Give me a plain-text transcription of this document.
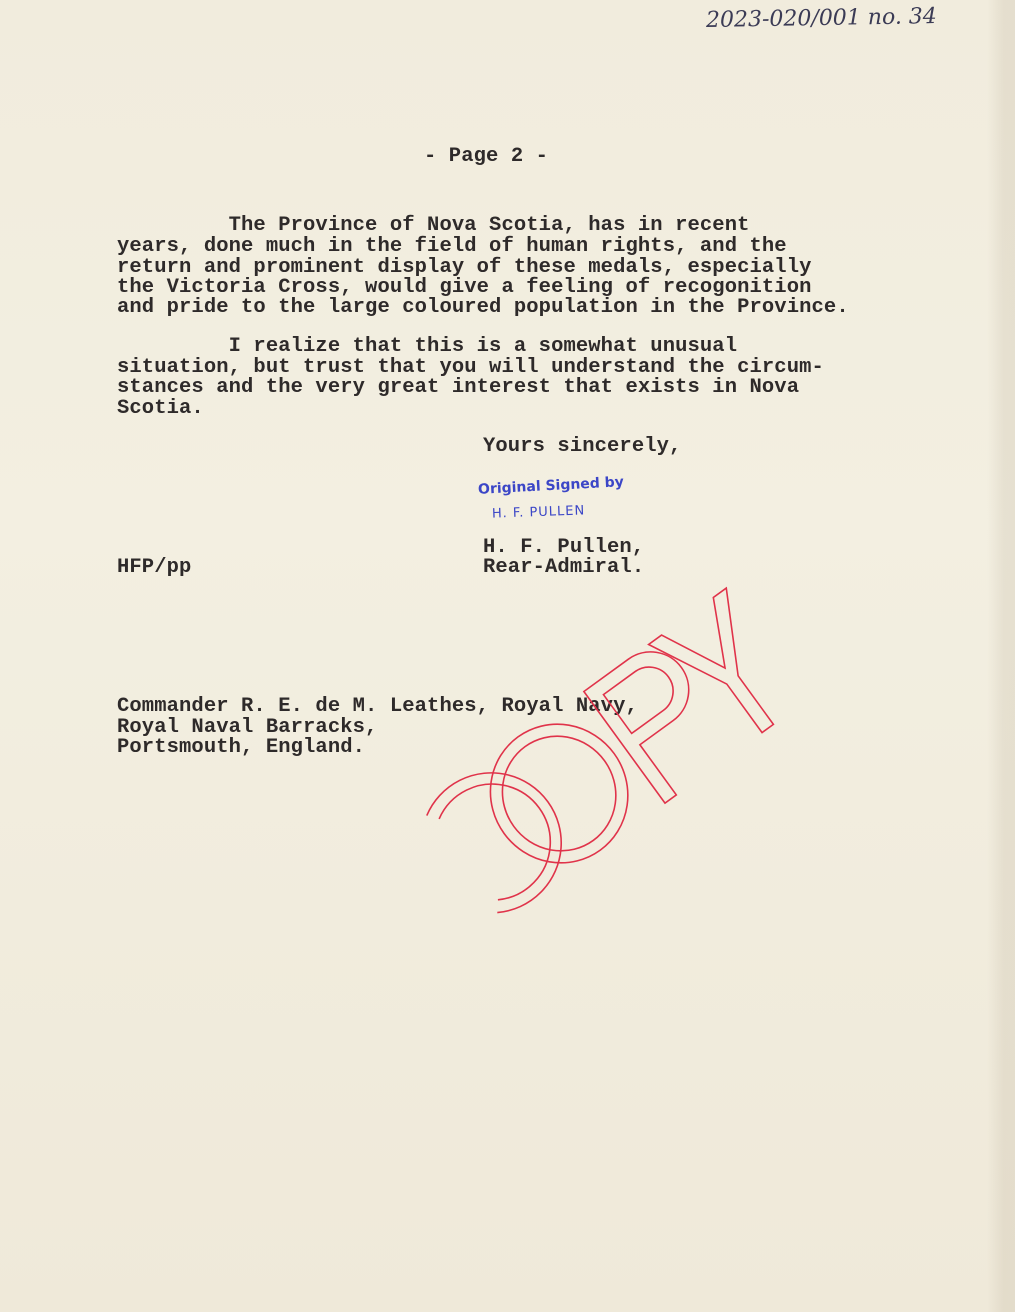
2023-020/001 no. 34
- Page 2 -
The Province of Nova Scotia, has in recent
years, done much in the field of human rights, and the
return and prominent display of these medals, especially
the Victoria Cross, would give a feeling of recogonition
and pride to the large coloured population in the Province.
I realize that this is a somewhat unusual
situation, but trust that you will understand the circum-
stances and the very great interest that exists in Nova
Scotia.
Yours sincerely,
Original Signed by
H. F. PULLEN
H. F. Pullen,
Rear-Admiral.
HFP/pp
Commander R. E. de M. Leathes, Royal Navy,
Royal Naval Barracks,
Portsmouth, England.
